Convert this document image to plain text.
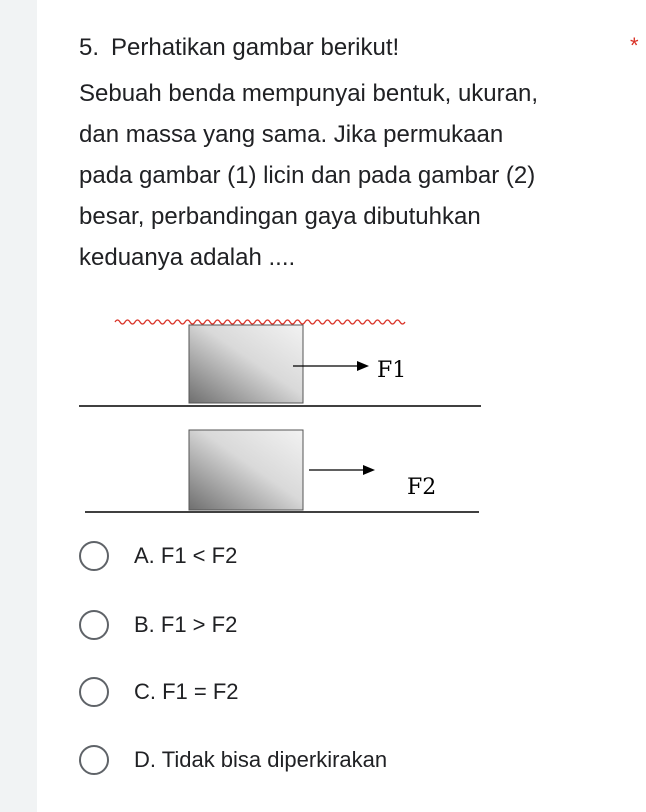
5. Perhatikan gambar berikut!	*
Sebuah benda mempunyai bentuk, ukuran,
dan massa yang sama. Jika permukaan
pada gambar (1) licin dan pada gambar (2)
besar, perbandingan gaya dibutuhkan
keduanya adalah ....
F1
F2
A. F1 < F2
B. F1 > F2
C. F1 = F2
D. Tidak bisa diperkirakan
